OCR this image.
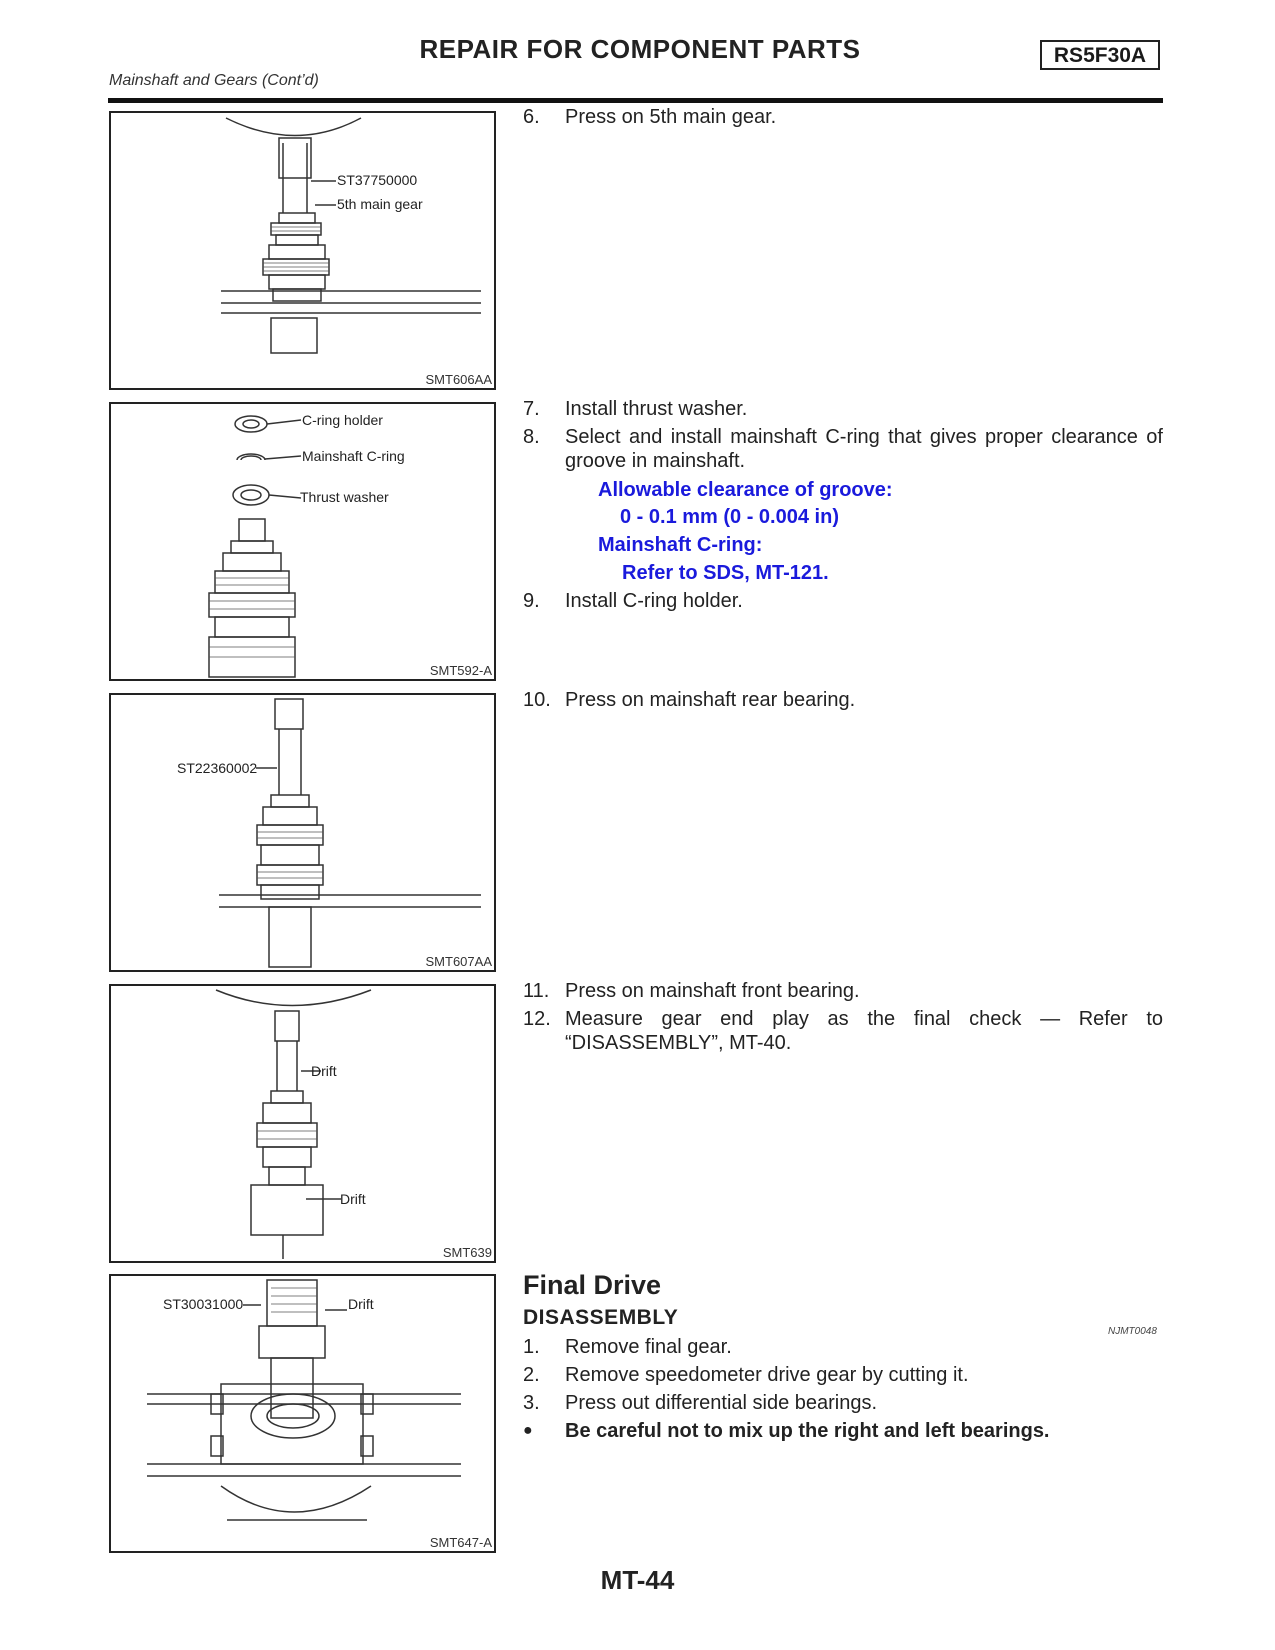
REPAIR FOR COMPONENT PARTS	RS5F30A
Mainshaft and Gears (Cont’d)
ST37750000
5th main gear
SMT606AA
C-ring holder
Mainshaft C-ring
Thrust washer
SMT592-A
ST22360002
SMT607AA
Drift
Drift
SMT639
ST30031000	Drift
SMT647-A
6. Press on 5th main gear.
7. Install thrust washer.
8. Select and install mainshaft C-ring that gives proper clearance of groove in mainshaft.
Allowable clearance of groove:
0 - 0.1 mm (0 - 0.004 in)
Mainshaft C-ring:
Refer to SDS, MT-121.
9. Install C-ring holder.
10. Press on mainshaft rear bearing.
11. Press on mainshaft front bearing.
12. Measure gear end play as the final check — Refer to “DISASSEMBLY”, MT-40.
Final Drive
DISASSEMBLY
NJMT0048
1. Remove final gear.
2. Remove speedometer drive gear by cutting it.
3. Press out differential side bearings.
● Be careful not to mix up the right and left bearings.
MT-44
